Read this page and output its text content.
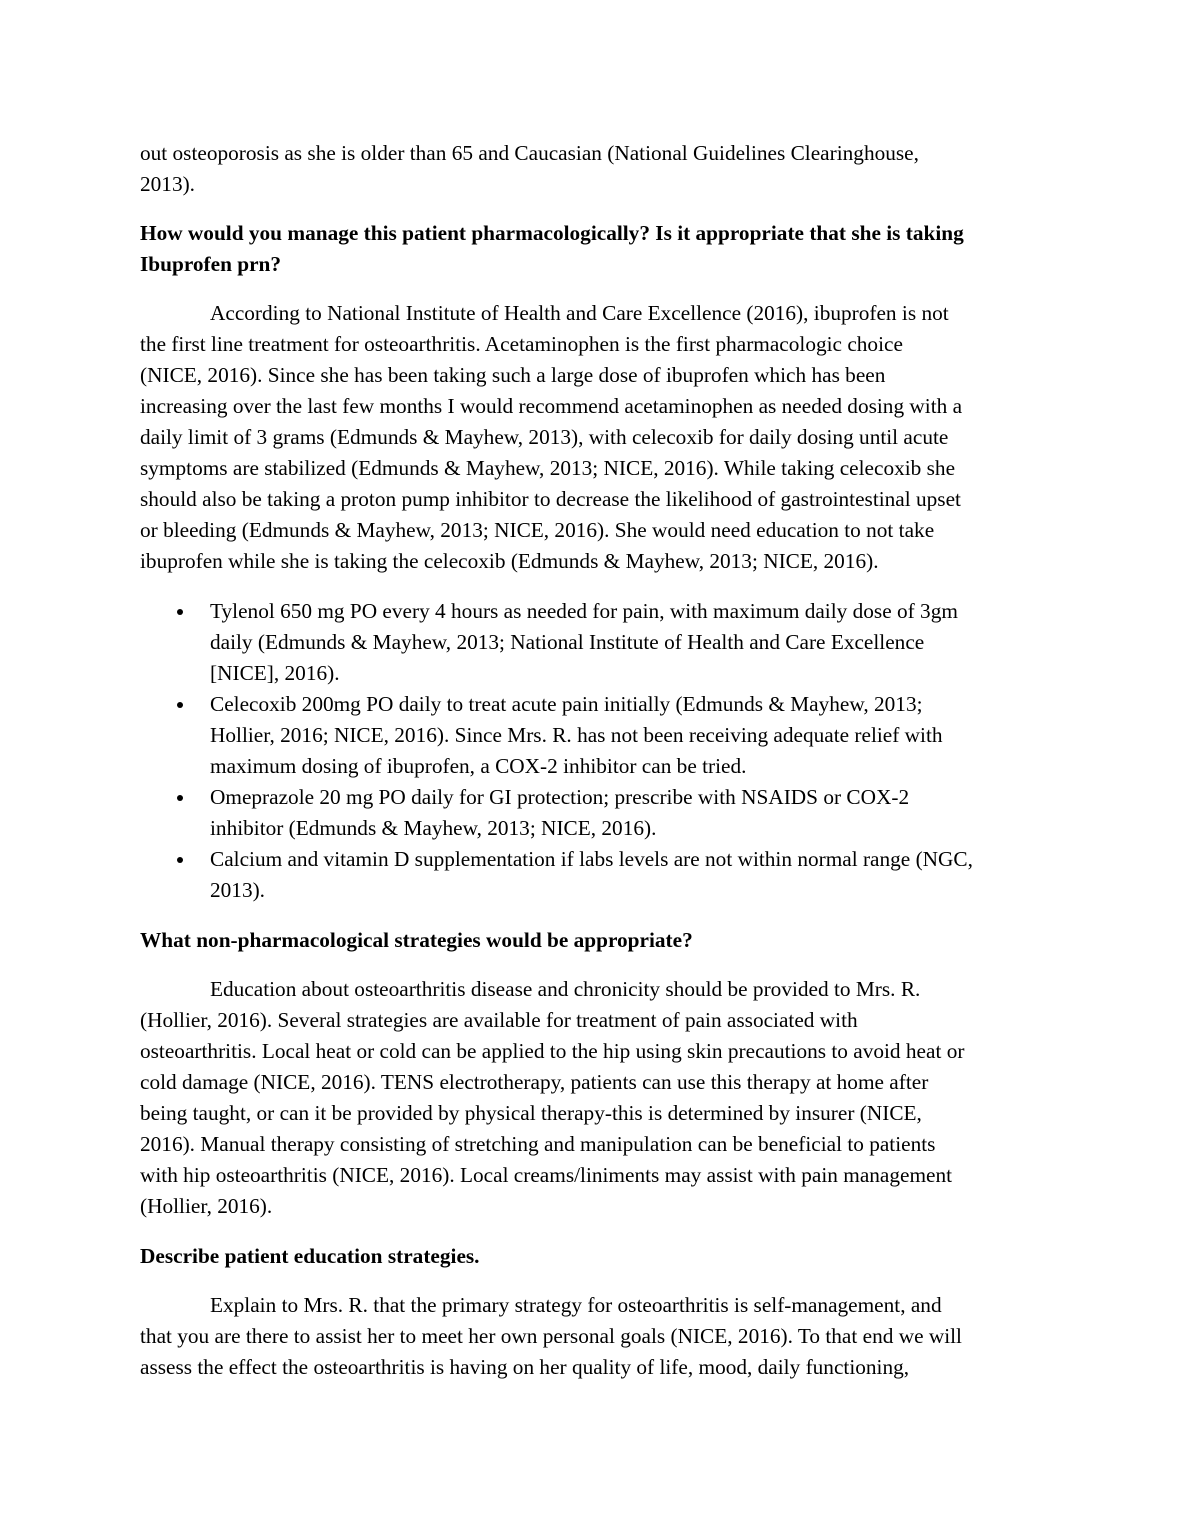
out osteoporosis as she is older than 65 and Caucasian (National Guidelines Clearinghouse,
2013).
How would you manage this patient pharmacologically? Is it appropriate that she is taking
Ibuprofen prn?
According to National Institute of Health and Care Excellence (2016), ibuprofen is not
the first line treatment for osteoarthritis. Acetaminophen is the first pharmacologic choice
(NICE, 2016). Since she has been taking such a large dose of ibuprofen which has been
increasing over the last few months I would recommend acetaminophen as needed dosing with a
daily limit of 3 grams (Edmunds & Mayhew, 2013), with celecoxib for daily dosing until acute
symptoms are stabilized (Edmunds & Mayhew, 2013; NICE, 2016). While taking celecoxib she
should also be taking a proton pump inhibitor to decrease the likelihood of gastrointestinal upset
or bleeding (Edmunds & Mayhew, 2013; NICE, 2016). She would need education to not take
ibuprofen while she is taking the celecoxib (Edmunds & Mayhew, 2013; NICE, 2016).
Tylenol 650 mg PO every 4 hours as needed for pain, with maximum daily dose of 3gm
daily (Edmunds & Mayhew, 2013; National Institute of Health and Care Excellence
[NICE], 2016).
Celecoxib 200mg PO daily to treat acute pain initially (Edmunds & Mayhew, 2013;
Hollier, 2016; NICE, 2016). Since Mrs. R. has not been receiving adequate relief with
maximum dosing of ibuprofen, a COX-2 inhibitor can be tried.
Omeprazole 20 mg PO daily for GI protection; prescribe with NSAIDS or COX-2
inhibitor (Edmunds & Mayhew, 2013; NICE, 2016).
Calcium and vitamin D supplementation if labs levels are not within normal range (NGC,
2013).
What non-pharmacological strategies would be appropriate?
Education about osteoarthritis disease and chronicity should be provided to Mrs. R.
(Hollier, 2016). Several strategies are available for treatment of pain associated with
osteoarthritis. Local heat or cold can be applied to the hip using skin precautions to avoid heat or
cold damage (NICE, 2016). TENS electrotherapy, patients can use this therapy at home after
being taught, or can it be provided by physical therapy-this is determined by insurer (NICE,
2016). Manual therapy consisting of stretching and manipulation can be beneficial to patients
with hip osteoarthritis (NICE, 2016). Local creams/liniments may assist with pain management
(Hollier, 2016).
Describe patient education strategies.
Explain to Mrs. R. that the primary strategy for osteoarthritis is self-management, and
that you are there to assist her to meet her own personal goals (NICE, 2016). To that end we will
assess the effect the osteoarthritis is having on her quality of life, mood, daily functioning,
